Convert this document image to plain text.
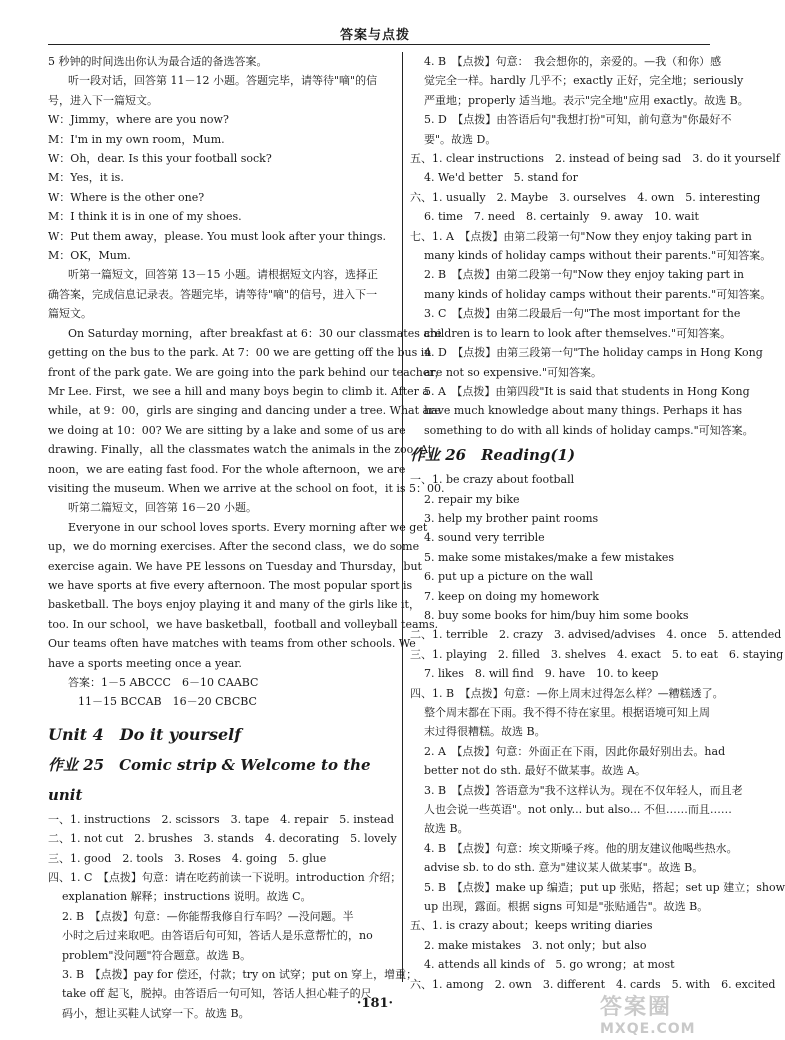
答案与点拨
5 秒钟的时间选出你认为最合适的备选答案。
听一段对话，回答第 11－12 小题。答题完毕，请等待"嘀"的信
号，进入下一篇短文。
W：Jimmy，where are you now?
M：I'm in my own room，Mum.
W：Oh，dear. Is this your football sock?
M：Yes，it is.
W：Where is the other one?
M：I think it is in one of my shoes.
W：Put them away，please. You must look after your things.
M：OK，Mum.
听第一篇短文，回答第 13－15 小题。请根据短文内容，选择正
确答案，完成信息记录表。答题完毕，请等待"嘀"的信号，进入下一
篇短文。
On Saturday morning，after breakfast at 6：30 our classmates are
getting on the bus to the park. At 7：00 we are getting off the bus in
front of the park gate. We are going into the park behind our teacher，
Mr Lee. First，we see a hill and many boys begin to climb it. After a
while，at 9：00，girls are singing and dancing under a tree. What are
we doing at 10：00? We are sitting by a lake and some of us are
drawing. Finally，all the classmates watch the animals in the zoo. At
noon，we are eating fast food. For the whole afternoon，we are
visiting the museum. When we arrive at the school on foot，it is 5：00.
听第二篇短文，回答第 16－20 小题。
Everyone in our school loves sports. Every morning after we get
up，we do morning exercises. After the second class，we do some
exercise again. We have PE lessons on Tuesday and Thursday，but
we have sports at five every afternoon. The most popular sport is
basketball. The boys enjoy playing it and many of the girls like it，
too. In our school，we have basketball，football and volleyball teams.
Our teams often have matches with teams from other schools. We
have a sports meeting once a year.
答案：1－5 ABCCC　6－10 CAABC
11－15 BCCAB　16－20 CBCBC
Unit 4　Do it yourself
作业 25　Comic strip & Welcome to the unit
一、1. instructions　2. scissors　3. tape　4. repair　5. instead
二、1. not cut　2. brushes　3. stands　4. decorating　5. lovely
三、1. good　2. tools　3. Roses　4. going　5. glue
四、1. C　【点拨】句意：请在吃药前读一下说明。introduction 介绍；
explanation 解释；instructions 说明。故选 C。
2. B　【点拨】句意：—你能帮我修自行车吗？—没问题。半
小时之后过来取吧。由答语后句可知，答话人是乐意帮忙的，no
problem"没问题"符合题意。故选 B。
3. B　【点拨】pay for 偿还，付款；try on 试穿；put on 穿上，增重；
take off 起飞，脱掉。由答语后一句可知，答话人担心鞋子的尺
码小，想让买鞋人试穿一下。故选 B。
4. B　【点拨】句意：　我会想你的，亲爱的。—我（和你）感
觉完全一样。hardly 几乎不；exactly 正好，完全地；seriously
严重地；properly 适当地。表示"完全地"应用 exactly。故选 B。
5. D　【点拨】由答语后句"我想打扮"可知，前句意为"你最好不
要"。故选 D。
五、1. clear instructions　2. instead of being sad　3. do it yourself
4. We'd better　5. stand for
六、1. usually　2. Maybe　3. ourselves　4. own　5. interesting
6. time　7. need　8. certainly　9. away　10. wait
七、1. A　【点拨】由第二段第一句"Now they enjoy taking part in
many kinds of holiday camps without their parents."可知答案。
2. B　【点拨】由第二段第一句"Now they enjoy taking part in
many kinds of holiday camps without their parents."可知答案。
3. C　【点拨】由第二段最后一句"The most important for the
children is to learn to look after themselves."可知答案。
4. D　【点拨】由第三段第一句"The holiday camps in Hong Kong
are not so expensive."可知答案。
5. A　【点拨】由第四段"It is said that students in Hong Kong
have much knowledge about many things. Perhaps it has
something to do with all kinds of holiday camps."可知答案。
作业 26　Reading(1)
一、1. be crazy about football
2. repair my bike
3. help my brother paint rooms
4. sound very terrible
5. make some mistakes/make a few mistakes
6. put up a picture on the wall
7. keep on doing my homework
8. buy some books for him/buy him some books
二、1. terrible　2. crazy　3. advised/advises　4. once　5. attended
三、1. playing　2. filled　3. shelves　4. exact　5. to eat　6. staying
7. likes　8. will find　9. have　10. to keep
四、1. B　【点拨】句意：—你上周末过得怎么样？—糟糕透了。
整个周末都在下雨。我不得不待在家里。根据语境可知上周
末过得很糟糕。故选 B。
2. A　【点拨】句意：外面正在下雨，因此你最好别出去。had
better not do sth. 最好不做某事。故选 A。
3. B　【点拨】答语意为"我不这样认为。现在不仅年轻人，而且老
人也会说一些英语"。not only... but also... 不但……而且……
故选 B。
4. B　【点拨】句意：埃文斯嗓子疼。他的朋友建议他喝些热水。
advise sb. to do sth. 意为"建议某人做某事"。故选 B。
5. B　【点拨】make up 编造；put up 张贴，搭起；set up 建立；show
up 出现，露面。根据 signs 可知是"张贴通告"。故选 B。
五、1. is crazy about；keeps writing diaries
2. make mistakes　3. not only；but also
4. attends all kinds of　5. go wrong；at most
六、1. among　2. own　3. different　4. cards　5. with　6. excited
·181·	答案圈
MXQE.COM
